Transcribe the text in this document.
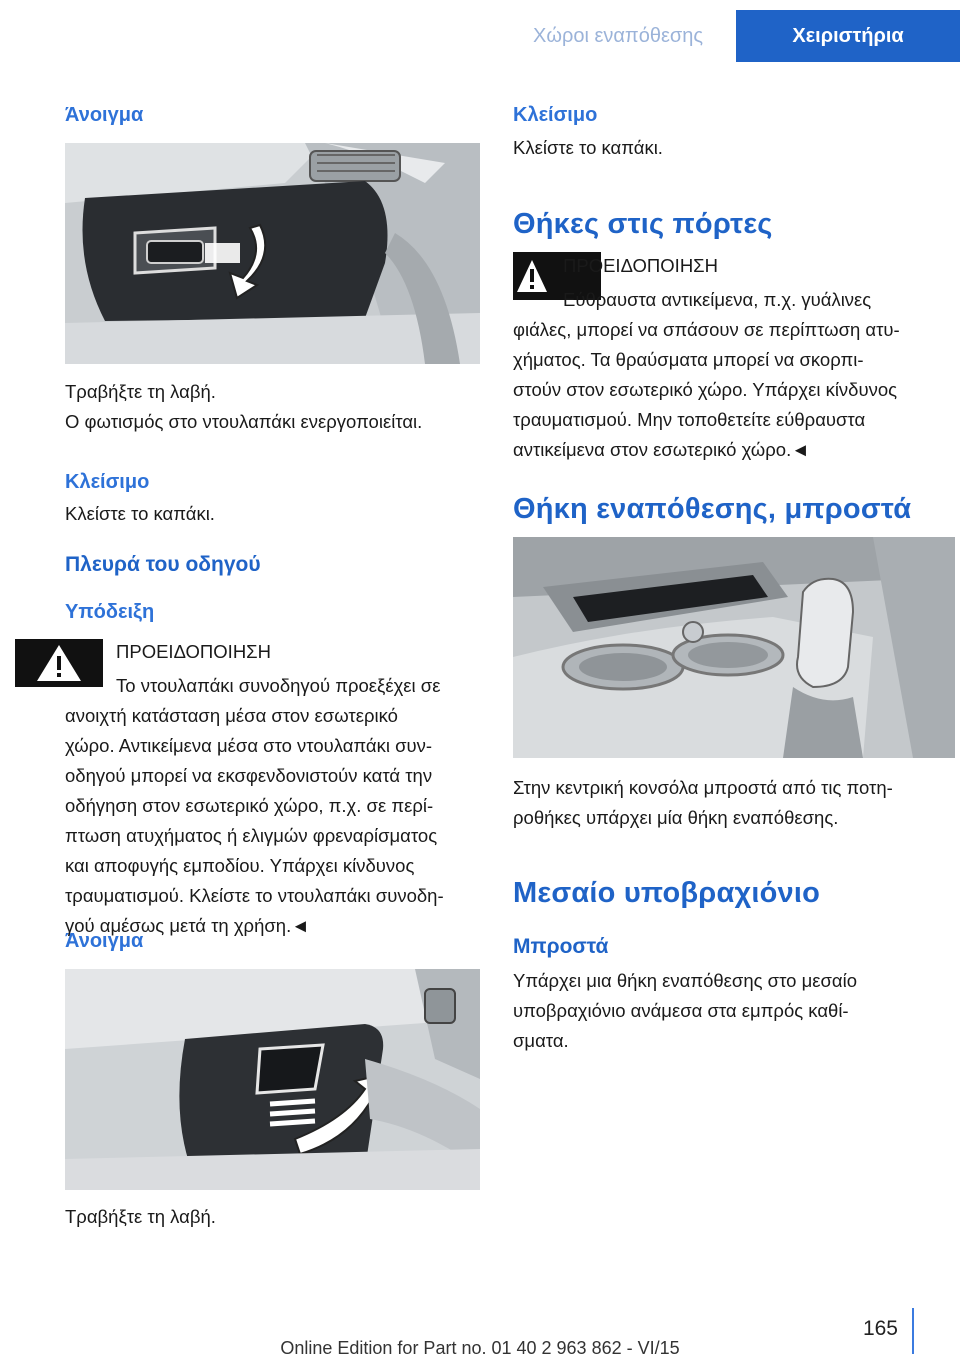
Χώροι εναπόθεσης	Χειριστήρια
Άνοιγμα
Τραβήξτε τη λαβή.
Ο φωτισμός στο ντουλαπάκι ενεργοποιείται.
Κλείσιμο
Κλείστε το καπάκι.
Πλευρά του οδηγού
Υπόδειξη
ΠΡΟΕΙΔΟΠΟΙΗΣΗ
Το ντουλαπάκι συνοδηγού προεξέχει σε
ανοιχτή κατάσταση μέσα στον εσωτερικό
χώρο. Αντικείμενα μέσα στο ντουλαπάκι συν‐
οδηγού μπορεί να εκσφενδονιστούν κατά την
οδήγηση στον εσωτερικό χώρο, π.χ. σε περί‐
πτωση ατυχήματος ή ελιγμών φρεναρίσματος
και αποφυγής εμποδίου. Υπάρχει κίνδυνος
τραυματισμού. Κλείστε το ντουλαπάκι συνοδη‐
γού αμέσως μετά τη χρήση.◄
Άνοιγμα
Τραβήξτε τη λαβή.
Κλείσιμο
Κλείστε το καπάκι.
Θήκες στις πόρτες
ΠΡΟΕΙΔΟΠΟΙΗΣΗ
Εύθραυστα αντικείμενα, π.χ. γυάλινες
φιάλες, μπορεί να σπάσουν σε περίπτωση ατυ‐
χήματος. Τα θραύσματα μπορεί να σκορπι‐
στούν στον εσωτερικό χώρο. Υπάρχει κίνδυνος
τραυματισμού. Μην τοποθετείτε εύθραυστα
αντικείμενα στον εσωτερικό χώρο.◄
Θήκη εναπόθεσης, μπροστά
Στην κεντρική κονσόλα μπροστά από τις ποτη‐
ροθήκες υπάρχει μία θήκη εναπόθεσης.
Μεσαίο υποβραχιόνιο
Μπροστά
Υπάρχει μια θήκη εναπόθεσης στο μεσαίο
υποβραχιόνιο ανάμεσα στα εμπρός καθί‐
σματα.
165
Online Edition for Part no. 01 40 2 963 862 - VI/15
